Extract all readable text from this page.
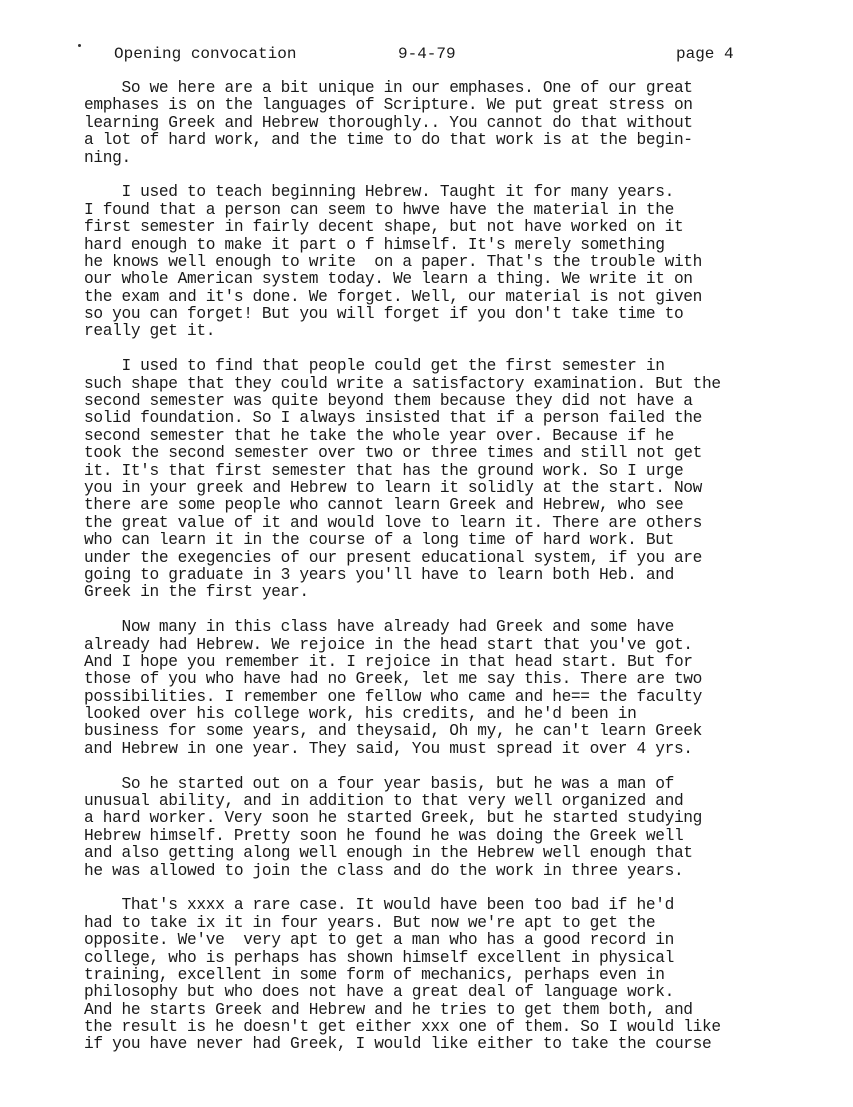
Opening convocation	9-4-79	page 4
So we here are a bit unique in our emphases. One of our great
emphases is on the languages of Scripture. We put great stress on
learning Greek and Hebrew thoroughly.. You cannot do that without
a lot of hard work, and the time to do that work is at the begin-
ning.
I used to teach beginning Hebrew. Taught it for many years.
I found that a person can seem to hwve have the material in the
first semester in fairly decent shape, but not have worked on it
hard enough to make it part o f himself. It's merely something
he knows well enough to write  on a paper. That's the trouble with
our whole American system today. We learn a thing. We write it on
the exam and it's done. We forget. Well, our material is not given
so you can forget! But you will forget if you don't take time to
really get it.
I used to find that people could get the first semester in
such shape that they could write a satisfactory examination. But the
second semester was quite beyond them because they did not have a
solid foundation. So I always insisted that if a person failed the
second semester that he take the whole year over. Because if he
took the second semester over two or three times and still not get
it. It's that first semester that has the ground work. So I urge
you in your greek and Hebrew to learn it solidly at the start. Now
there are some people who cannot learn Greek and Hebrew, who see
the great value of it and would love to learn it. There are others
who can learn it in the course of a long time of hard work. But
under the exegencies of our present educational system, if you are
going to graduate in 3 years you'll have to learn both Heb. and
Greek in the first year.
Now many in this class have already had Greek and some have
already had Hebrew. We rejoice in the head start that you've got.
And I hope you remember it. I rejoice in that head start. But for
those of you who have had no Greek, let me say this. There are two
possibilities. I remember one fellow who came and he== the faculty
looked over his college work, his credits, and he'd been in
business for some years, and theysaid, Oh my, he can't learn Greek
and Hebrew in one year. They said, You must spread it over 4 yrs.
So he started out on a four year basis, but he was a man of
unusual ability, and in addition to that very well organized and
a hard worker. Very soon he started Greek, but he started studying
Hebrew himself. Pretty soon he found he was doing the Greek well
and also getting along well enough in the Hebrew well enough that
he was allowed to join the class and do the work in three years.
That's xxxx a rare case. It would have been too bad if he'd
had to take ix it in four years. But now we're apt to get the
opposite. We've  very apt to get a man who has a good record in
college, who is perhaps has shown himself excellent in physical
training, excellent in some form of mechanics, perhaps even in
philosophy but who does not have a great deal of language work.
And he starts Greek and Hebrew and he tries to get them both, and
the result is he doesn't get either xxx one of them. So I would like
if you have never had Greek, I would like either to take the course
